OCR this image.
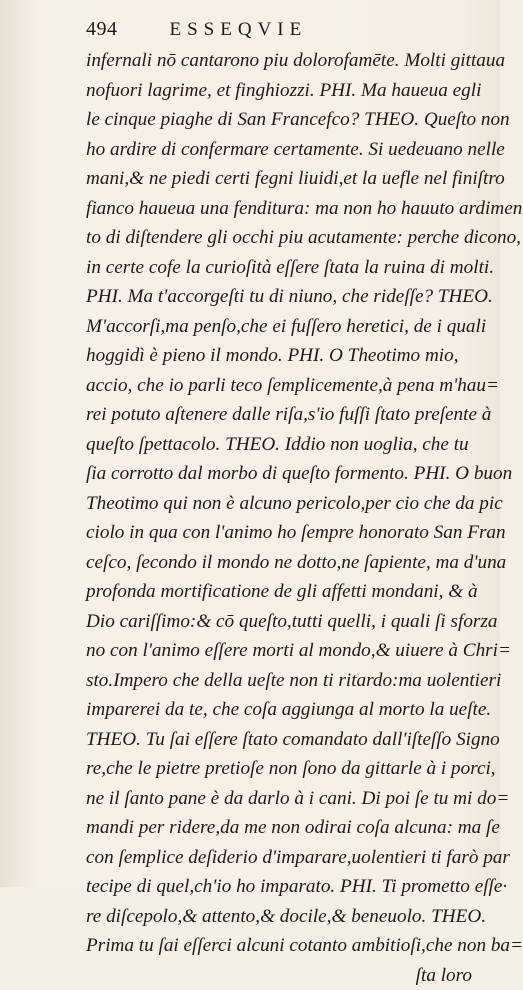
494	ESSEQVIE
infernali nō cantarono piu dolorofamēte. Molti gittaua
nofuori lagrime, et finghiozzi. PHI. Ma haueua egli
le cinque piaghe di San Francefco? THEO. Queſto non
ho ardire di confermare certamente. Si uedeuano nelle
mani,& ne piedi certi fegni liuidi,et la uefle nel finiſtro
fianco haueua una fenditura: ma non ho hauuto ardimen
to di diſtendere gli occhi piu acutamente: perche dicono,
in certe cofe la curioſità eſſere ſtata la ruina di molti.
PHI. Ma t'accorgeſti tu di niuno, che rideſſe? THEO.
M'accorſi,ma penſo,che ei fuſſero heretici, de i quali
hoggidì è pieno il mondo. PHI. O Theotimo mio,
accio, che io parli teco ſemplicemente,à pena m'hau=
rei potuto aſtenere dalle riſa,s'io fuſſi ſtato preſente à
queſto ſpettacolo. THEO. Iddio non uoglia, che tu
ſia corrotto dal morbo di queſto formento. PHI. O buon
Theotimo qui non è alcuno pericolo,per cio che da pic
ciolo in qua con l'animo ho ſempre honorato San Fran
ceſco, ſecondo il mondo ne dotto,ne ſapiente, ma d'una
profonda mortificatione de gli affetti mondani, & à
Dio cariſſimo:& cō queſto,tutti quelli, i quali ſi sforza
no con l'animo eſſere morti al mondo,& uiuere à Chri=
sto.Impero che della ueſte non ti ritardo:ma uolentieri
imparerei da te, che coſa aggiunga al morto la ueſte.
THEO. Tu ſai eſſere ſtato comandato dall'iſteſſo Signo
re,che le pietre pretioſe non ſono da gittarle à i porci,
ne il ſanto pane è da darlo à i cani. Di poi ſe tu mi do=
mandi per ridere,da me non odirai coſa alcuna: ma ſe
con ſemplice deſiderio d'imparare,uolentieri ti farò par
tecipe di quel,ch'io ho imparato. PHI. Ti prometto eſſe·
re diſcepolo,& attento,& docile,& beneuolo. THEO.
Prima tu ſai eſſerci alcuni cotanto ambitioſi,che non ba=
ſta loro
